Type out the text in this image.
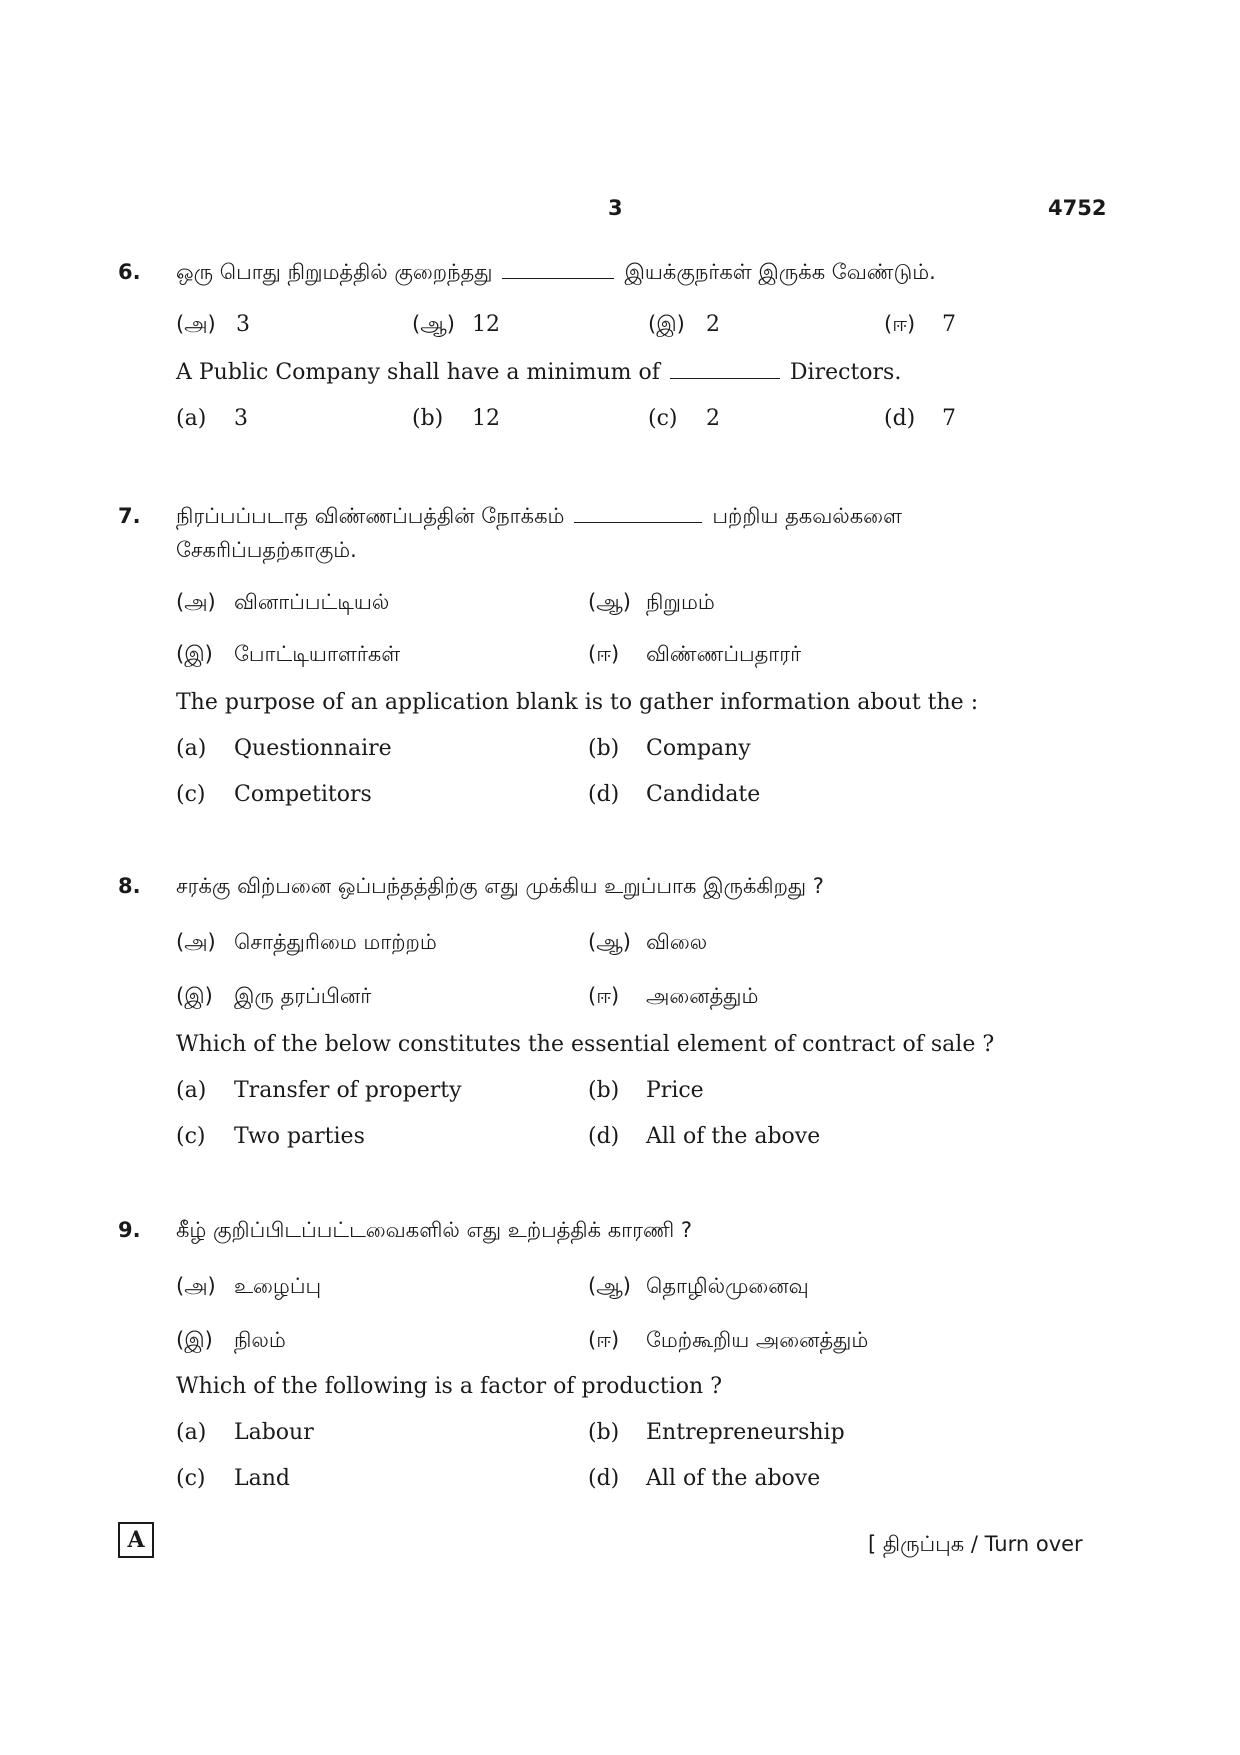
3	4752
6. ஒரு பொது நிறுமத்தில் குறைந்தது	இயக்குநர்கள் இருக்க வேண்டும்.
(அ) 3	(ஆ) 12	(இ) 2	(ஈ) 7
A Public Company shall have a minimum of	Directors.
(a) 3	(b) 12	(c) 2	(d) 7
7. நிரப்பப்படாத விண்ணப்பத்தின் நோக்கம்	பற்றிய தகவல்களை
சேகரிப்பதற்காகும்.
(அ) வினாப்பட்டியல்	(ஆ) நிறுமம்
(இ) போட்டியாளர்கள்	(ஈ) விண்ணப்பதாரர்
The purpose of an application blank is to gather information about the :
(a) Questionnaire	(b) Company
(c) Competitors	(d) Candidate
8. சரக்கு விற்பனை ஒப்பந்தத்திற்கு எது முக்கிய உறுப்பாக இருக்கிறது ?
(அ) சொத்துரிமை மாற்றம்	(ஆ) விலை
(இ) இரு தரப்பினர்	(ஈ) அனைத்தும்
Which of the below constitutes the essential element of contract of sale ?
(a) Transfer of property	(b) Price
(c) Two parties	(d) All of the above
9. கீழ் குறிப்பிடப்பட்டவைகளில் எது உற்பத்திக் காரணி ?
(அ) உழைப்பு	(ஆ) தொழில்முனைவு
(இ) நிலம்	(ஈ) மேற்கூறிய அனைத்தும்
Which of the following is a factor of production ?
(a) Labour	(b) Entrepreneurship
(c) Land	(d) All of the above
A	[ திருப்புக / Turn over
